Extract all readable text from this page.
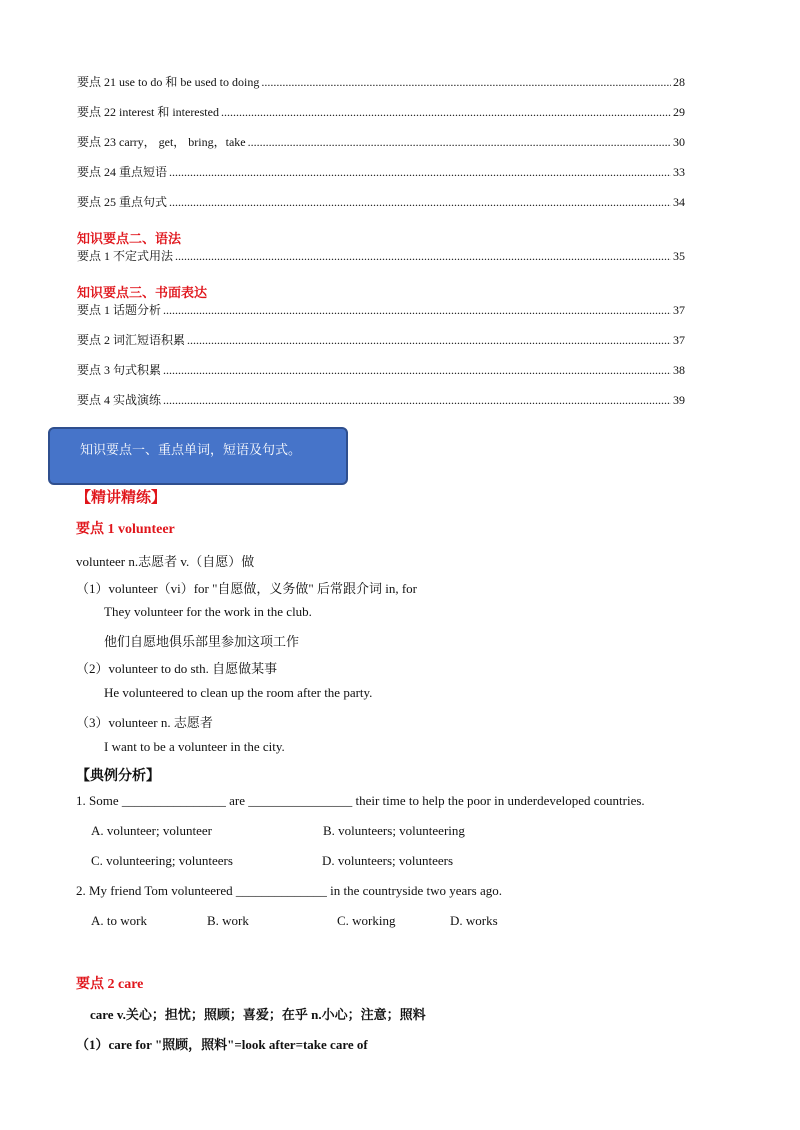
要点 21 use to do 和 be used to doing .....	28
要点 22 interest 和 interested .....	29
要点 23 carry， get， bring，take .....	30
要点 24 重点短语 .....	33
要点 25 重点句式 .....	34
知识要点二、语法
要点 1 不定式用法 .....	35
知识要点三、书面表达
要点 1 话题分析 .....	37
要点 2 词汇短语积累 .....	37
要点 3 句式积累 .....	38
要点 4 实战演练 .....	39
知识要点一、重点单词，短语及句式。
【精讲精练】
要点 1 volunteer
volunteer n.志愿者 v.（自愿）做
（1）volunteer（vi）for "自愿做，义务做" 后常跟介词 in, for
They volunteer for the work in the club.
他们自愿地俱乐部里参加这项工作
（2）volunteer to do sth. 自愿做某事
He volunteered to clean up the room after the party.
（3）volunteer n. 志愿者
I want to be a volunteer in the city.
【典例分析】
1. Some ________________ are ________________ their time to help the poor in underdeveloped countries.
A. volunteer; volunteer	B. volunteers; volunteering
C. volunteering; volunteers	D. volunteers; volunteers
2. My friend Tom volunteered ______________ in the countryside two years ago.
A. to work	B. work	C. working	D. works
要点 2 care
care v.关心；担忧；照顾；喜爱；在乎 n.小心；注意；照料
（1）care for "照顾，照料"=look after=take care of
